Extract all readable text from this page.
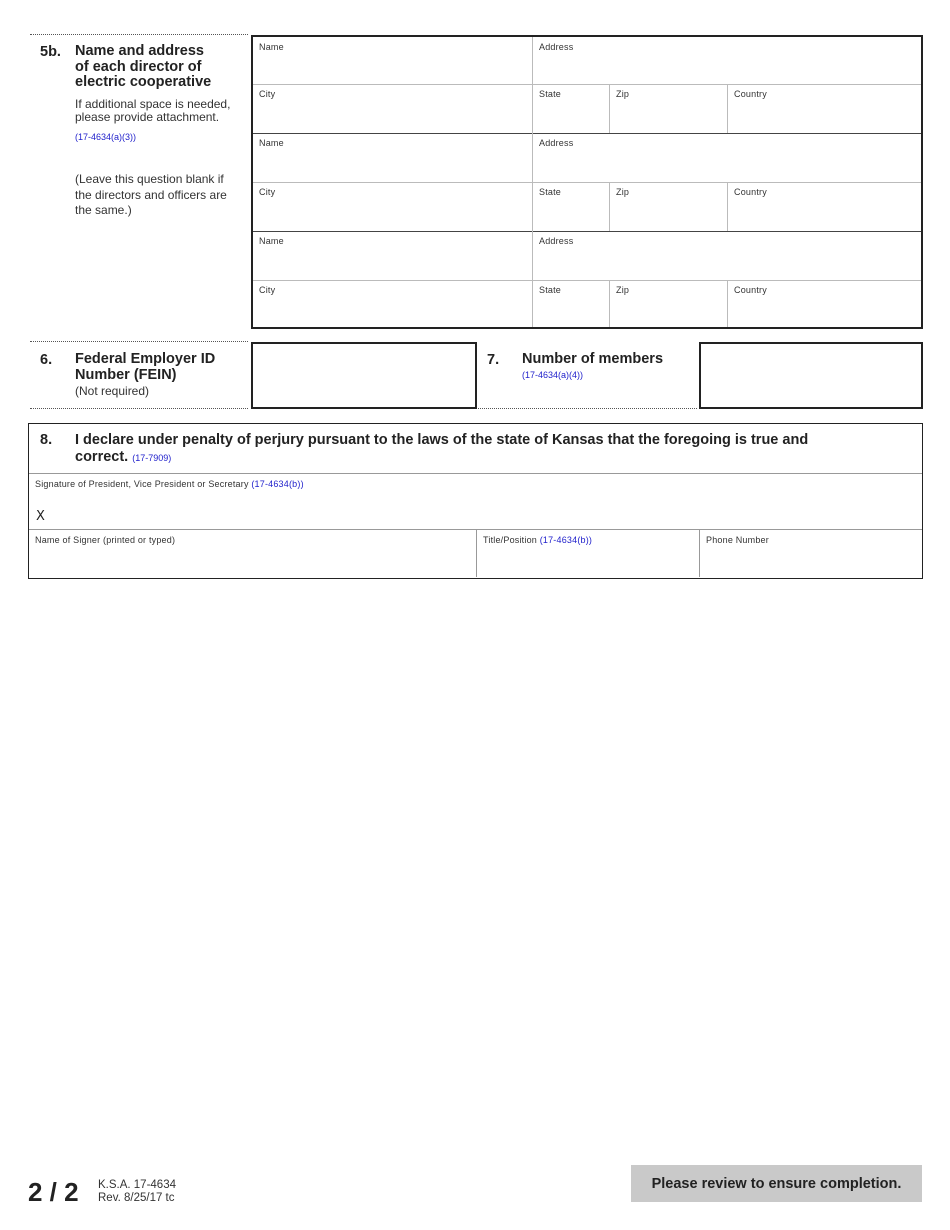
5b. Name and address
of each director of
electric cooperative
If additional space is needed,
please provide attachment.
(17-4634(a)(3))
(Leave this question blank if
the directors and officers are
the same.)
Name	Address
City	State	Zip	Country
Name	Address
City	State	Zip	Country
Name	Address
City	State	Zip	Country
6. Federal Employer ID
Number (FEIN)
(Not required)
7. Number of members
(17-4634(a)(4))
8. I declare under penalty of perjury pursuant to the laws of the state of Kansas that the foregoing is true and
correct. (17-7909)
Signature of President, Vice President or Secretary (17-4634(b))
X
Name of Signer (printed or typed)	Title/Position (17-4634(b))	Phone Number
2 / 2 K.S.A. 17-4634
Rev. 8/25/17 tc
Please review to ensure completion.
